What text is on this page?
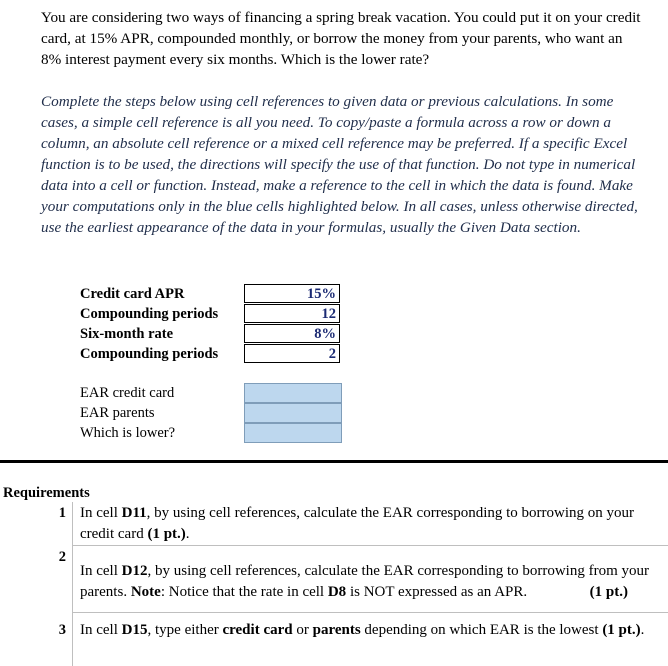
You are considering two ways of financing a spring break vacation. You could put it on your credit card, at 15% APR, compounded monthly, or borrow the money from your parents, who want an 8% interest payment every six months. Which is the lower rate?
Complete the steps below using cell references to given data or previous calculations. In some cases, a simple cell reference is all you need. To copy/paste a formula across a row or down a column, an absolute cell reference or a mixed cell reference may be preferred. If a specific Excel function is to be used, the directions will specify the use of that function. Do not type in numerical data into a cell or function. Instead, make a reference to the cell in which the data is found. Make your computations only in the blue cells highlighted below. In all cases, unless otherwise directed, use the earliest appearance of the data in your formulas, usually the Given Data section.
Credit card APR	15%
Compounding periods	12
Six-month rate	8%
Compounding periods	2
EAR credit card
EAR parents
Which is lower?
Requirements
1 In cell D11, by using cell references, calculate the EAR corresponding to borrowing on your credit card (1 pt.).
2
In cell D12, by using cell references, calculate the EAR corresponding to borrowing from your parents. Note: Notice that the rate in cell D8 is NOT expressed as an APR.	(1 pt.)
3 In cell D15, type either credit card or parents depending on which EAR is the lowest (1 pt.).
